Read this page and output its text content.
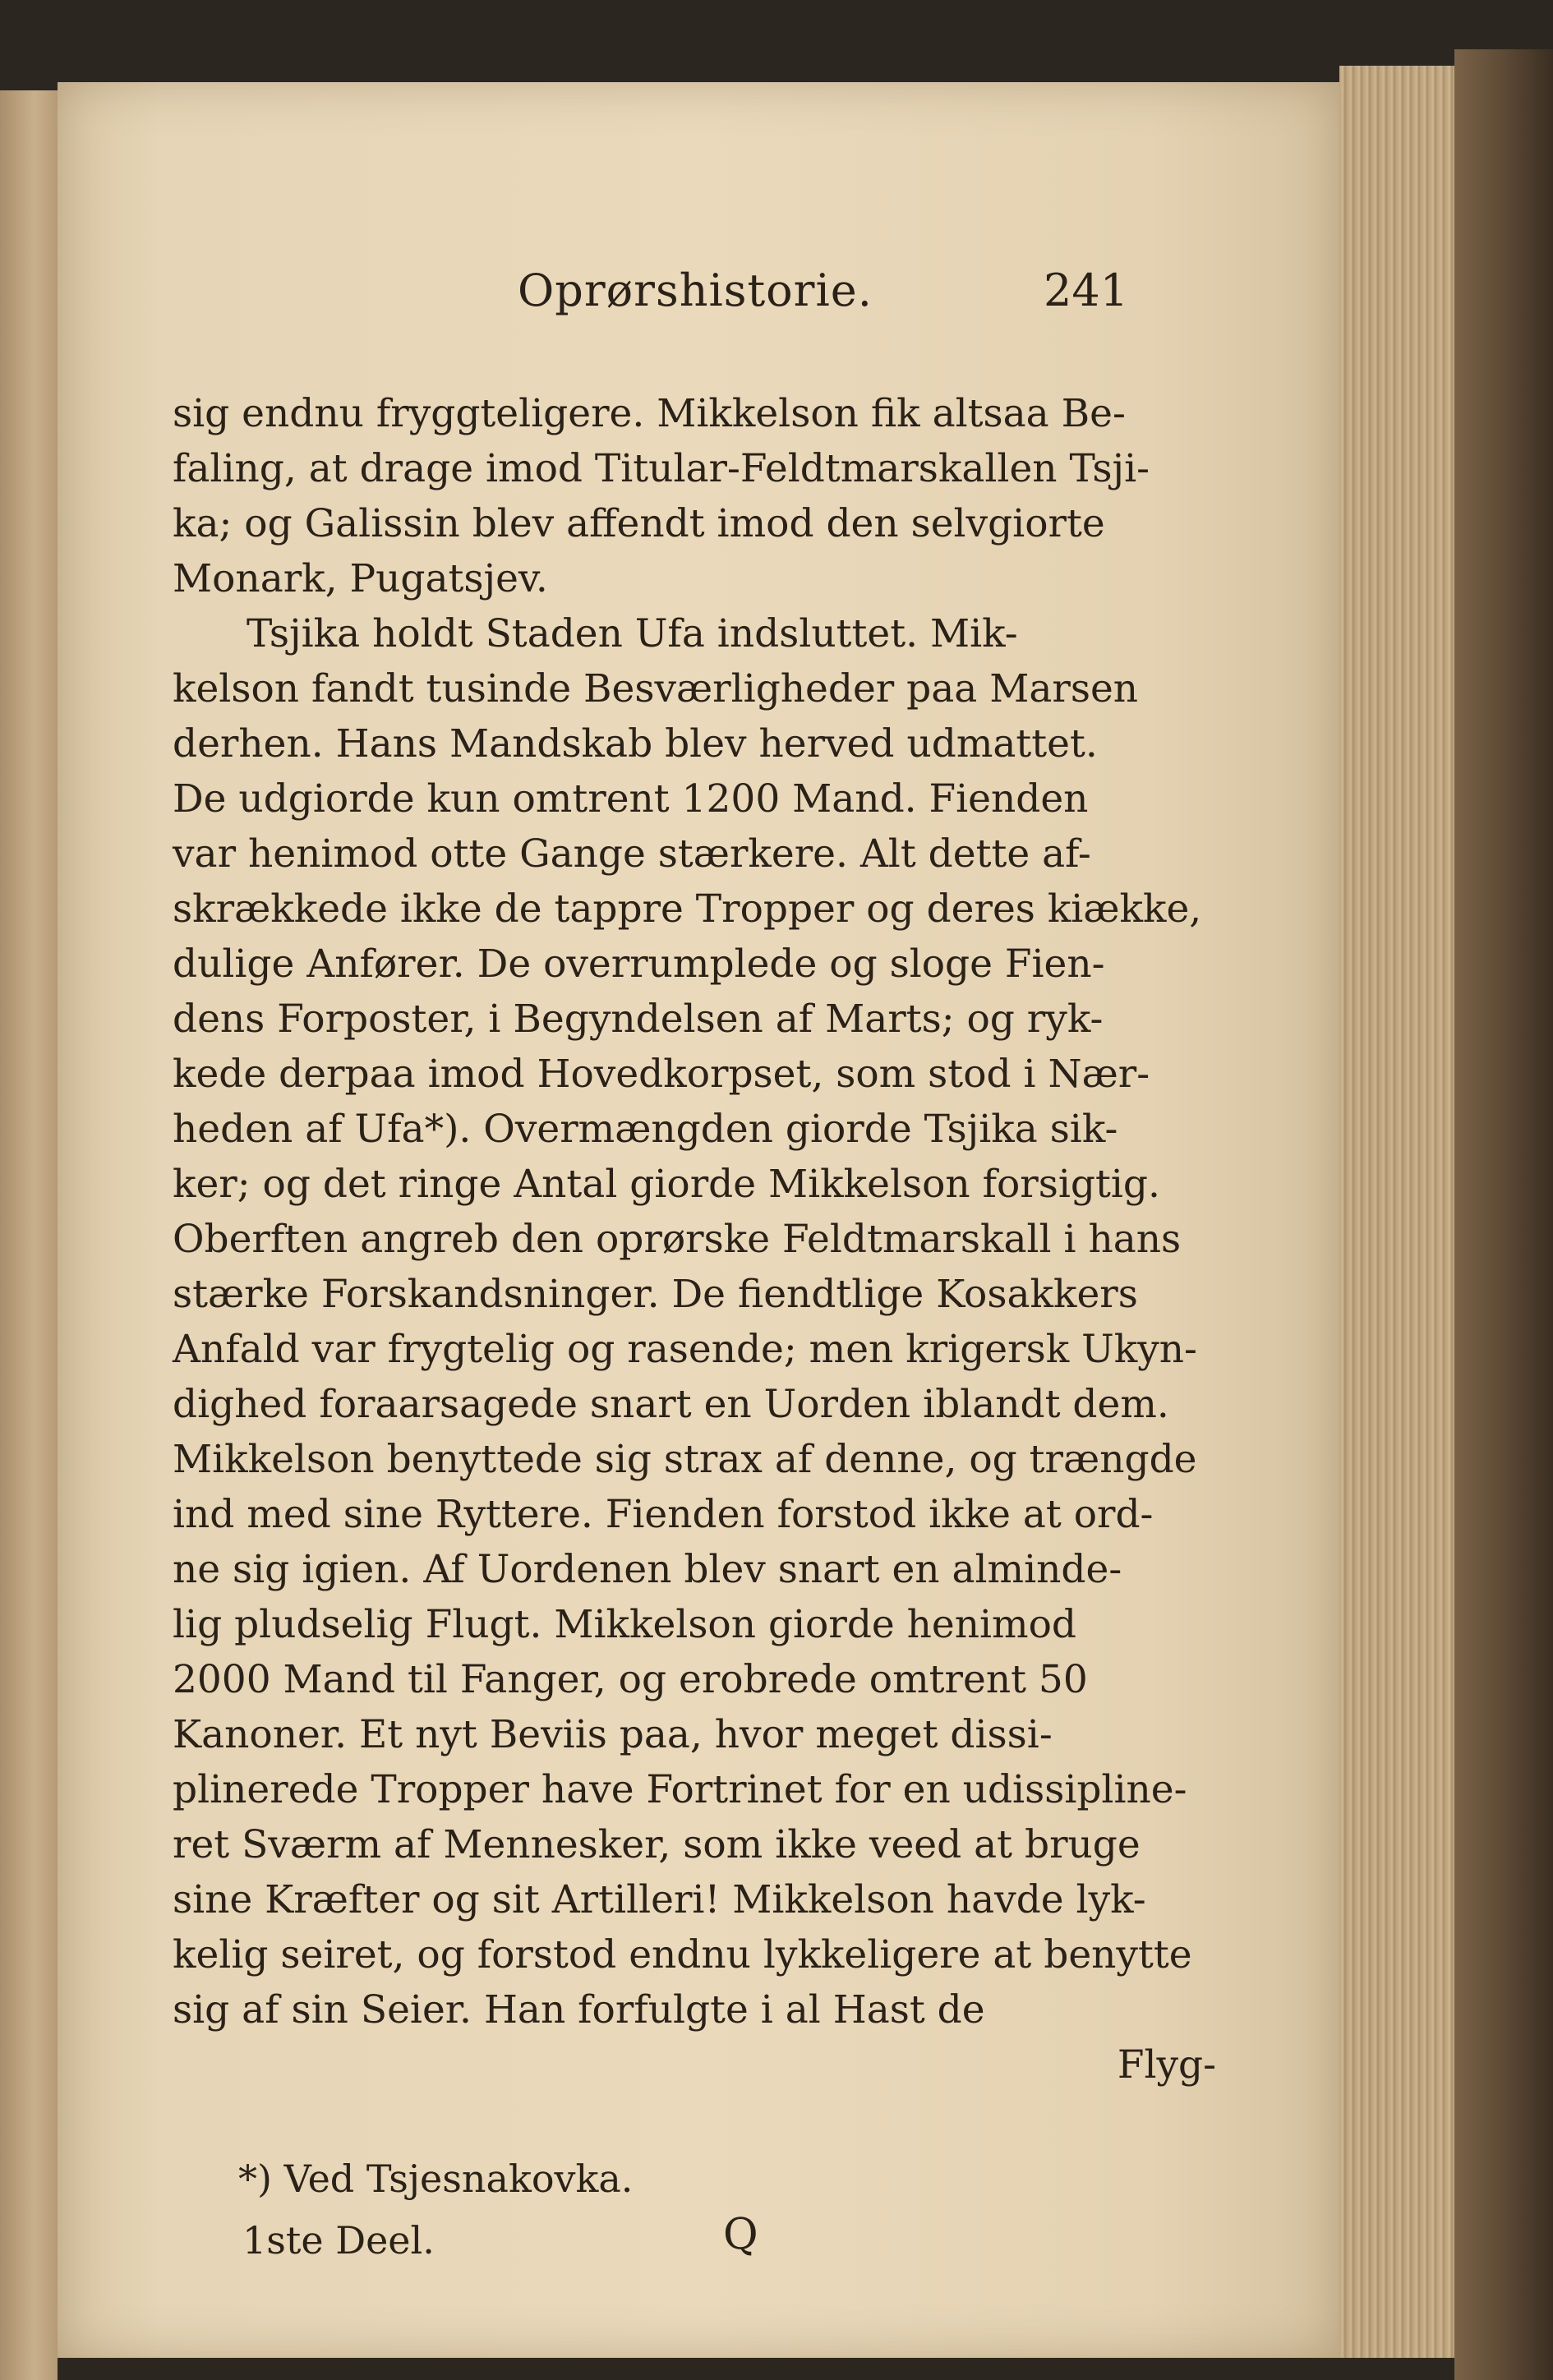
Oprørshistorie.	241
sig endnu fryggteligere. Mikkelson fik altsaa Be-
faling, at drage imod Titular-Feldtmarskallen Tsji-
ka; og Galissin blev affendt imod den selvgiorte
Monark, Pugatsjev.
Tsjika holdt Staden Ufa indsluttet. Mik-
kelson fandt tusinde Besværligheder paa Marsen
derhen. Hans Mandskab blev herved udmattet.
De udgiorde kun omtrent 1200 Mand. Fienden
var henimod otte Gange stærkere. Alt dette af-
skrækkede ikke de tappre Tropper og deres kiække,
dulige Anfører. De overrumplede og sloge Fien-
dens Forposter, i Begyndelsen af Marts; og ryk-
kede derpaa imod Hovedkorpset, som stod i Nær-
heden af Ufa*). Overmængden giorde Tsjika sik-
ker; og det ringe Antal giorde Mikkelson forsigtig.
Oberften angreb den oprørske Feldtmarskall i hans
stærke Forskandsninger. De fiendtlige Kosakkers
Anfald var frygtelig og rasende; men krigersk Ukyn-
dighed foraarsagede snart en Uorden iblandt dem.
Mikkelson benyttede sig strax af denne, og trængde
ind med sine Ryttere. Fienden forstod ikke at ord-
ne sig igien. Af Uordenen blev snart en alminde-
lig pludselig Flugt. Mikkelson giorde henimod
2000 Mand til Fanger, og erobrede omtrent 50
Kanoner. Et nyt Beviis paa, hvor meget dissi-
plinerede Tropper have Fortrinet for en udissipline-
ret Sværm af Mennesker, som ikke veed at bruge
sine Kræfter og sit Artilleri! Mikkelson havde lyk-
kelig seiret, og forstod endnu lykkeligere at benytte
sig af sin Seier. Han forfulgte i al Hast de
Flyg-
*) Ved Tsjesnakovka.
1ste Deel.	Q
